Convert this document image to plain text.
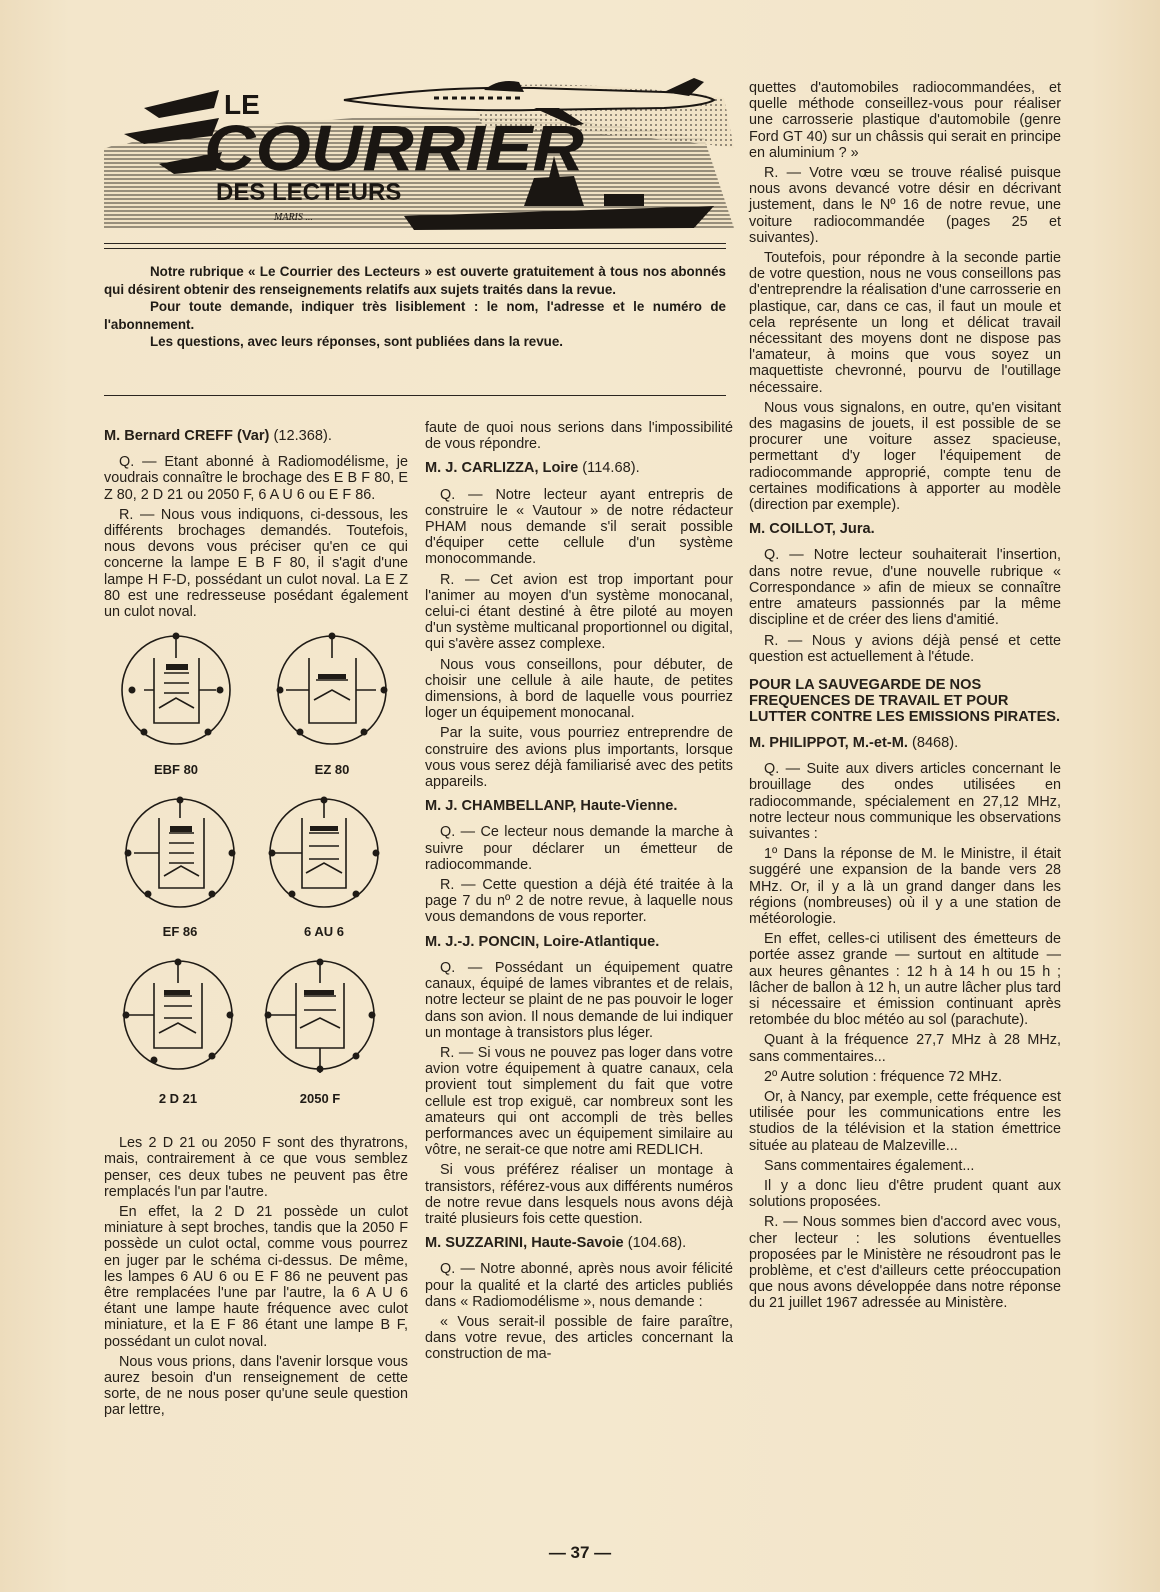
LE
COURRIER
DES LECTEURS
MARIS ...

Notre rubrique « Le Courrier des Lecteurs » est ouverte gratuitement à tous nos abonnés qui désirent obtenir des renseignements relatifs aux sujets traités dans la revue.

Pour toute demande, indiquer très lisiblement : le nom, l'adresse et le numéro de l'abonnement.

Les questions, avec leurs réponses, sont publiées dans la revue.

M. Bernard CREFF (Var) (12.368).

Q. — Etant abonné à Radiomodélisme, je voudrais connaître le brochage des E B F 80, E Z 80, 2 D 21 ou 2050 F, 6 A U 6 ou E F 86.

R. — Nous vous indiquons, ci-dessous, les différents brochages demandés. Toutefois, nous devons vous préciser qu'en ce qui concerne la lampe E B F 80, il s'agit d'une lampe H F-D, possédant un culot noval. La E Z 80 est une redresseuse posédant également un culot noval.

EBF 80	EZ 80
EF 86	6 AU 6
2 D 21	2050 F

Les 2 D 21 ou 2050 F sont des thyratrons, mais, contrairement à ce que vous semblez penser, ces deux tubes ne peuvent pas être remplacés l'un par l'autre.

En effet, la 2 D 21 possède un culot miniature à sept broches, tandis que la 2050 F possède un culot octal, comme vous pourrez en juger par le schéma ci-dessus. De même, les lampes 6 AU 6 ou E F 86 ne peuvent pas être remplacées l'une par l'autre, la 6 A U 6 étant une lampe haute fréquence avec culot miniature, et la E F 86 étant une lampe B F, possédant un culot noval.

Nous vous prions, dans l'avenir lorsque vous aurez besoin d'un renseignement de cette sorte, de ne nous poser qu'une seule question par lettre,

faute de quoi nous serions dans l'impossibilité de vous répondre.

M. J. CARLIZZA, Loire (114.68).

Q. — Notre lecteur ayant entrepris de construire le « Vautour » de notre rédacteur PHAM nous demande s'il serait possible d'équiper cette cellule d'un système monocommande.

R. — Cet avion est trop important pour l'animer au moyen d'un système monocanal, celui-ci étant destiné à être piloté au moyen d'un système multicanal proportionnel ou digital, qui s'avère assez complexe.

Nous vous conseillons, pour débuter, de choisir une cellule à aile haute, de petites dimensions, à bord de laquelle vous pourriez loger un équipement monocanal.

Par la suite, vous pourriez entreprendre de construire des avions plus importants, lorsque vous vous serez déjà familiarisé avec des petits appareils.

M. J. CHAMBELLANP, Haute-Vienne.

Q. — Ce lecteur nous demande la marche à suivre pour déclarer un émetteur de radiocommande.

R. — Cette question a déjà été traitée à la page 7 du nº 2 de notre revue, à laquelle nous vous demandons de vous reporter.

M. J.-J. PONCIN, Loire-Atlantique.

Q. — Possédant un équipement quatre canaux, équipé de lames vibrantes et de relais, notre lecteur se plaint de ne pas pouvoir le loger dans son avion. Il nous demande de lui indiquer un montage à transistors plus léger.

R. — Si vous ne pouvez pas loger dans votre avion votre équipement à quatre canaux, cela provient tout simplement du fait que votre cellule est trop exiguë, car nombreux sont les amateurs qui ont accompli de très belles performances avec un équipement similaire au vôtre, ne serait-ce que notre ami REDLICH.

Si vous préférez réaliser un montage à transistors, référez-vous aux différents numéros de notre revue dans lesquels nous avons déjà traité plusieurs fois cette question.

M. SUZZARINI, Haute-Savoie (104.68).

Q. — Notre abonné, après nous avoir félicité pour la qualité et la clarté des articles publiés dans « Radiomodélisme », nous demande :

« Vous serait-il possible de faire paraître, dans votre revue, des articles concernant la construction de ma-

quettes d'automobiles radiocommandées, et quelle méthode conseillez-vous pour réaliser une carrosserie plastique d'automobile (genre Ford GT 40) sur un châssis qui serait en principe en aluminium ? »

R. — Votre vœu se trouve réalisé puisque nous avons devancé votre désir en décrivant justement, dans le Nº 16 de notre revue, une voiture radiocommandée (pages 25 et suivantes).

Toutefois, pour répondre à la seconde partie de votre question, nous ne vous conseillons pas d'entreprendre la réalisation d'une carrosserie en plastique, car, dans ce cas, il faut un moule et cela représente un long et délicat travail nécessitant des moyens dont ne dispose pas l'amateur, à moins que vous soyez un maquettiste chevronné, pourvu de l'outillage nécessaire.

Nous vous signalons, en outre, qu'en visitant des magasins de jouets, il est possible de se procurer une voiture assez spacieuse, permettant d'y loger l'équipement de radiocommande approprié, compte tenu de certaines modifications à apporter au modèle (direction par exemple).

M. COILLOT, Jura.

Q. — Notre lecteur souhaiterait l'insertion, dans notre revue, d'une nouvelle rubrique « Correspondance » afin de mieux se connaître entre amateurs passionnés par la même discipline et de créer des liens d'amitié.

R. — Nous y avions déjà pensé et cette question est actuellement à l'étude.

POUR LA SAUVEGARDE DE NOS FREQUENCES DE TRAVAIL ET POUR LUTTER CONTRE LES EMISSIONS PIRATES.
M. PHILIPPOT, M.-et-M. (8468).

Q. — Suite aux divers articles concernant le brouillage des ondes utilisées en radiocommande, spécialement en 27,12 MHz, notre lecteur nous communique les observations suivantes :

1º Dans la réponse de M. le Ministre, il était suggéré une expansion de la bande vers 28 MHz. Or, il y a là un grand danger dans les régions (nombreuses) où il y a une station de météorologie.

En effet, celles-ci utilisent des émetteurs de portée assez grande — surtout en altitude — aux heures gênantes : 12 h à 14 h ou 15 h ; lâcher de ballon à 12 h, un autre lâcher plus tard si nécessaire et émission continuant après retombée du bloc météo au sol (parachute).

Quant à la fréquence 27,7 MHz à 28 MHz, sans commentaires...

2º Autre solution : fréquence 72 MHz.

Or, à Nancy, par exemple, cette fréquence est utilisée pour les communications entre les studios de la télévision et la station émettrice située au plateau de Malzeville...

Sans commentaires également...

Il y a donc lieu d'être prudent quant aux solutions proposées.

R. — Nous sommes bien d'accord avec vous, cher lecteur : les solutions éventuelles proposées par le Ministère ne résoudront pas le problème, et c'est d'ailleurs cette préoccupation que nous avons développée dans notre réponse du 21 juillet 1967 adressée au Ministère.

— 37 —
